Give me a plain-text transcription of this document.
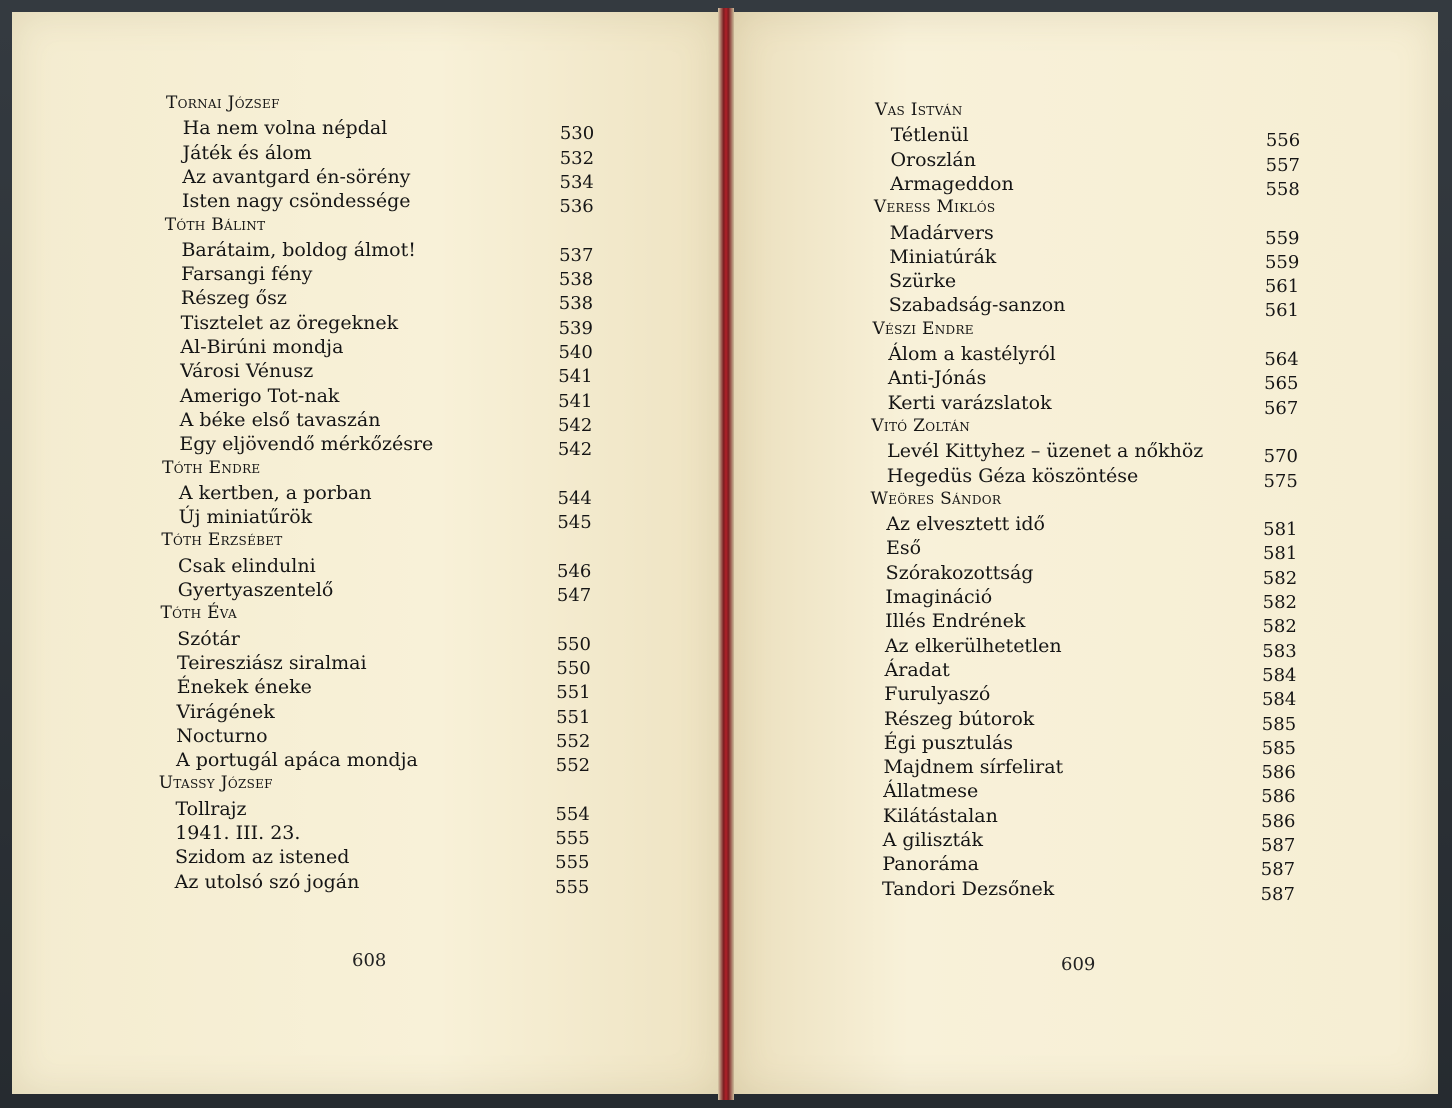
Tornai József
Ha nem volna népdal	530
Játék és álom	532
Az avantgard én-sörény	534
Isten nagy csöndessége	536
Tóth Bálint
Barátaim, boldog álmot!	537
Farsangi fény	538
Részeg ősz	538
Tisztelet az öregeknek	539
Al-Birúni mondja	540
Városi Vénusz	541
Amerigo Tot-nak	541
A béke első tavaszán	542
Egy eljövendő mérkőzésre	542
Tóth Endre
A kertben, a porban	544
Új miniatűrök	545
Tóth Erzsébet
Csak elindulni	546
Gyertyaszentelő	547
Tóth Éva
Szótár	550
Teiresziász siralmai	550
Énekek éneke	551
Virágének	551
Nocturno	552
A portugál apáca mondja	552
Utassy József
Tollrajz	554
1941. III. 23.	555
Szidom az istened	555
Az utolsó szó jogán	555
Vas István
Tétlenül	556
Oroszlán	557
Armageddon	558
Veress Miklós
Madárvers	559
Miniatúrák	559
Szürke	561
Szabadság-sanzon	561
Vészi Endre
Álom a kastélyról	564
Anti-Jónás	565
Kerti varázslatok	567
Vitó Zoltán
Levél Kittyhez – üzenet a nőkhöz	570
Hegedüs Géza köszöntése	575
Weöres Sándor
Az elvesztett idő	581
Eső	581
Szórakozottság	582
Imagináció	582
Illés Endrének	582
Az elkerülhetetlen	583
Áradat	584
Furulyaszó	584
Részeg bútorok	585
Égi pusztulás	585
Majdnem sírfelirat	586
Állatmese	586
Kilátástalan	586
A giliszták	587
Panoráma	587
Tandori Dezsőnek	587
608	609
